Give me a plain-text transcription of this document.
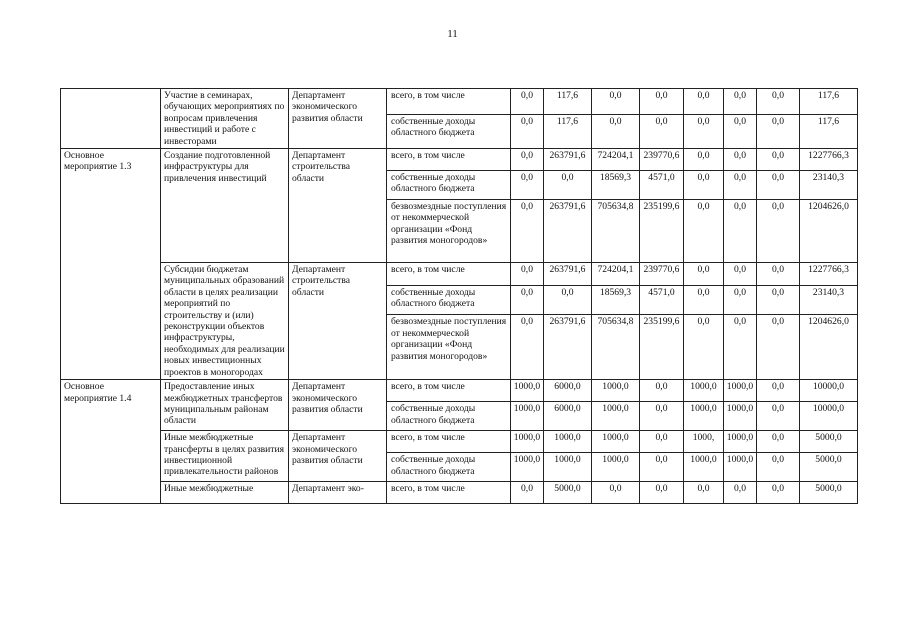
11
	Участие в семинарах, обучающих мероприятиях по вопросам привлечения инвестиций и работе с инвесторами	Департамент экономического развития области	всего, в том числе	0,0	117,6	0,0	0,0	0,0	0,0	0,0	117,6
			собственные доходы областного бюджета	0,0	117,6	0,0	0,0	0,0	0,0	0,0	117,6
Основное мероприятие 1.3	Создание подготовленной инфраструктуры для привлечения инвестиций	Департамент строительства области	всего, в том числе	0,0	263791,6	724204,1	239770,6	0,0	0,0	0,0	1227766,3
			собственные доходы областного бюджета	0,0	0,0	18569,3	4571,0	0,0	0,0	0,0	23140,3
			безвозмездные поступления от некоммерческой организации «Фонд развития моногородов»	0,0	263791,6	705634,8	235199,6	0,0	0,0	0,0	1204626,0
	Субсидии бюджетам муниципальных образований области в целях реализации мероприятий по строительству и (или) реконструкции объектов инфраструктуры, необходимых для реализации новых инвестиционных проектов в моногородах	Департамент строительства области	всего, в том числе	0,0	263791,6	724204,1	239770,6	0,0	0,0	0,0	1227766,3
			собственные доходы областного бюджета	0,0	0,0	18569,3	4571,0	0,0	0,0	0,0	23140,3
			безвозмездные поступления от некоммерческой организации «Фонд развития моногородов»	0,0	263791,6	705634,8	235199,6	0,0	0,0	0,0	1204626,0
Основное мероприятие 1.4	Предоставление иных межбюджетных трансфертов муниципальным районам области	Департамент экономического развития области	всего, в том числе	1000,0	6000,0	1000,0	0,0	1000,0	1000,0	0,0	10000,0
			собственные доходы областного бюджета	1000,0	6000,0	1000,0	0,0	1000,0	1000,0	0,0	10000,0
	Иные межбюджетные трансферты в целях развития инвестиционной привлекательности районов	Департамент экономического развития области	всего, в том числе	1000,0	1000,0	1000,0	0,0	1000,	1000,0	0,0	5000,0
			собственные доходы областного бюджета	1000,0	1000,0	1000,0	0,0	1000,0	1000,0	0,0	5000,0
	Иные межбюджетные	Департамент эко-	всего, в том числе	0,0	5000,0	0,0	0,0	0,0	0,0	0,0	5000,0
